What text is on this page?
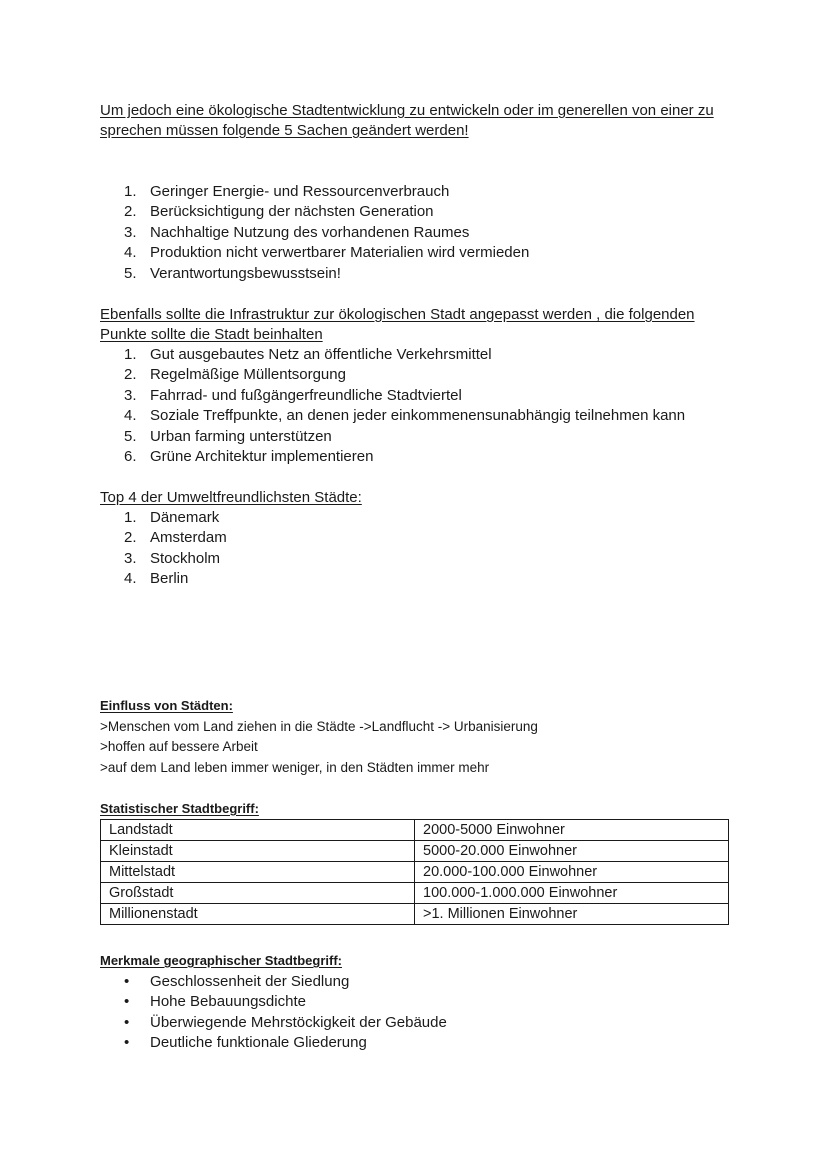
Um jedoch eine ökologische Stadtentwicklung zu entwickeln oder im generellen von einer zu sprechen müssen folgende 5 Sachen geändert werden!
1. Geringer Energie- und Ressourcenverbrauch
2. Berücksichtigung der nächsten Generation
3. Nachhaltige Nutzung des vorhandenen Raumes
4. Produktion nicht verwertbarer Materialien wird vermieden
5. Verantwortungsbewusstsein!
Ebenfalls sollte die Infrastruktur zur ökologischen Stadt angepasst werden , die folgenden Punkte sollte die Stadt beinhalten
1. Gut ausgebautes Netz an öffentliche Verkehrsmittel
2. Regelmäßige Müllentsorgung
3. Fahrrad- und fußgängerfreundliche Stadtviertel
4. Soziale Treffpunkte, an denen jeder einkommenensunabhängig teilnehmen kann
5. Urban farming unterstützen
6. Grüne Architektur implementieren
Top 4 der Umweltfreundlichsten Städte:
1. Dänemark
2. Amsterdam
3. Stockholm
4. Berlin
Einfluss von Städten:
>Menschen vom Land ziehen in die Städte ->Landflucht -> Urbanisierung
>hoffen auf bessere Arbeit
>auf dem Land leben immer weniger, in den Städten immer mehr
Statistischer Stadtbegriff:
Landstadt	2000-5000 Einwohner
Kleinstadt	5000-20.000 Einwohner
Mittelstadt	20.000-100.000 Einwohner
Großstadt	100.000-1.000.000 Einwohner
Millionenstadt	>1. Millionen Einwohner
Merkmale geographischer Stadtbegriff:
• Geschlossenheit der Siedlung
• Hohe Bebauungsdichte
• Überwiegende Mehrstöckigkeit der Gebäude
• Deutliche funktionale Gliederung
